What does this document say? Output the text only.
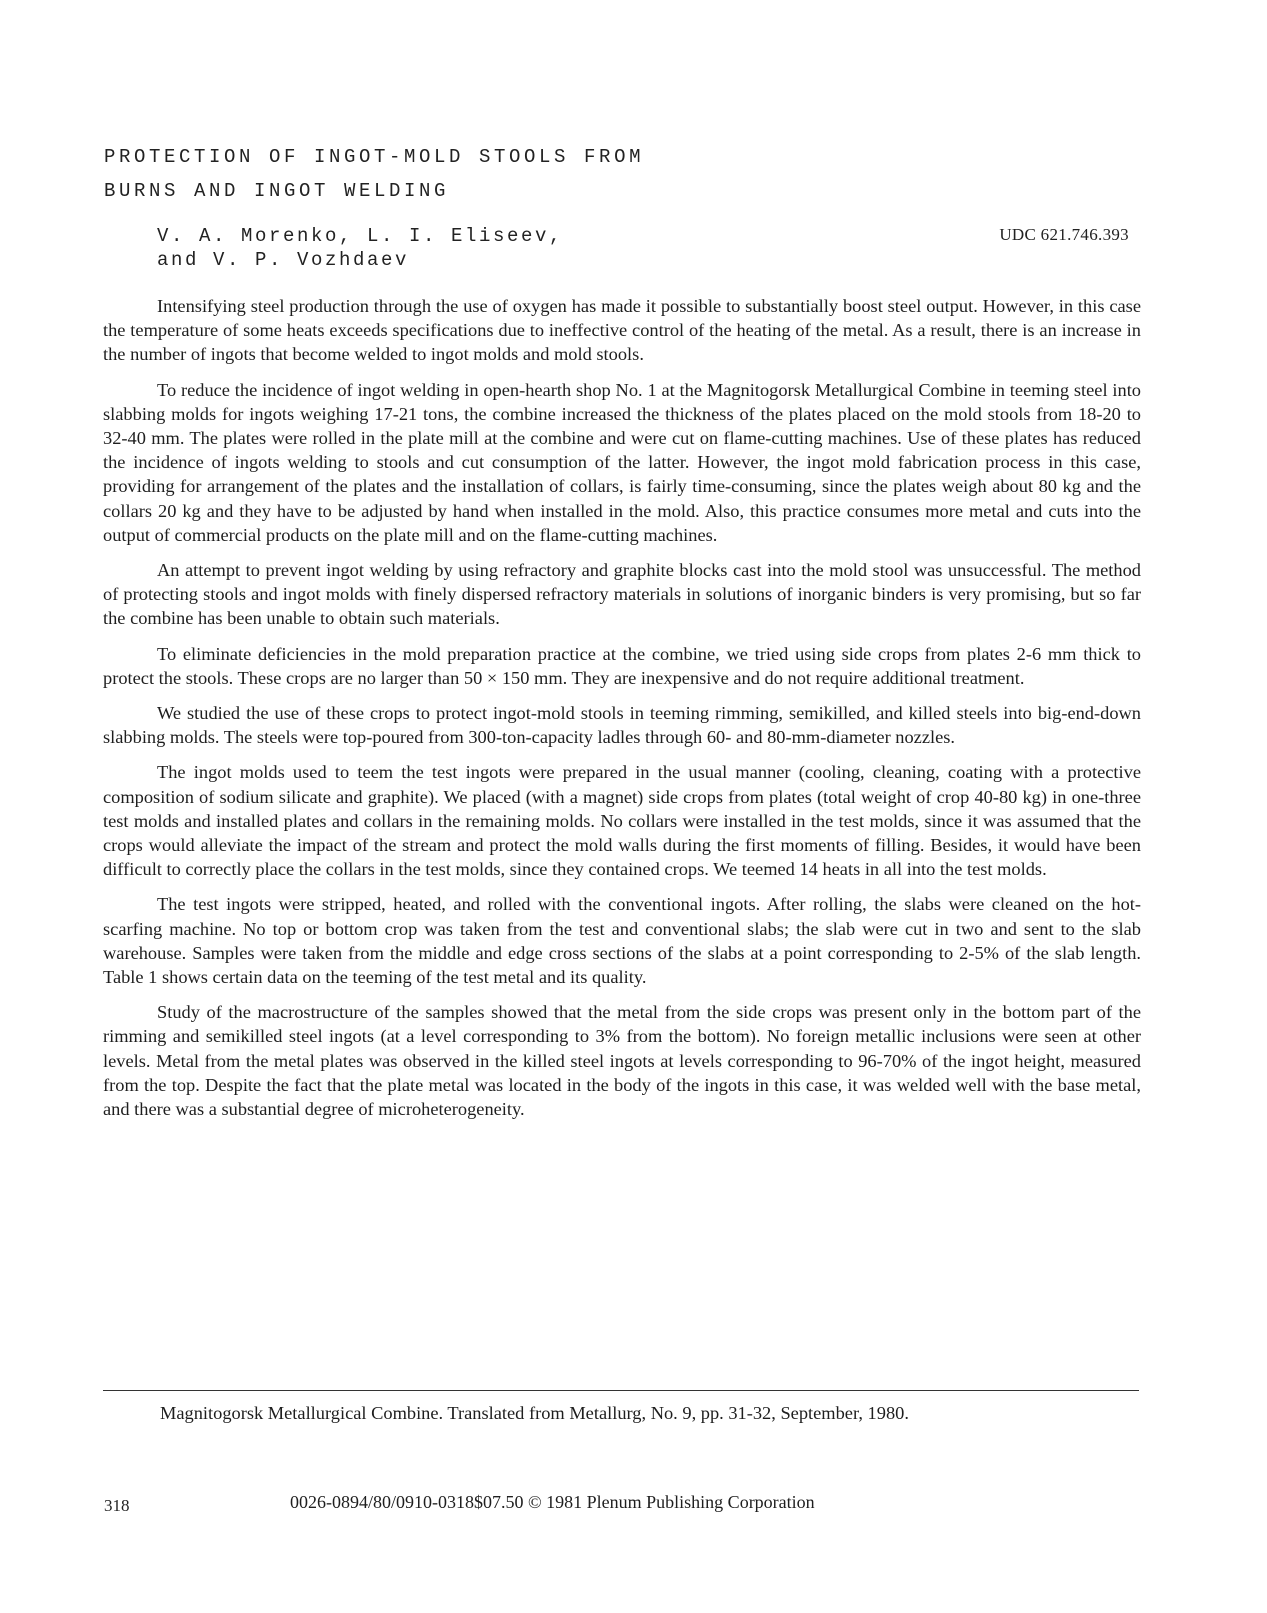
PROTECTION OF INGOT-MOLD STOOLS FROM
BURNS AND INGOT WELDING
V. A. Morenko, L. I. Eliseev,
and V. P. Vozhdaev
UDC 621.746.393

Intensifying steel production through the use of oxygen has made it possible to substantially boost steel output. However, in this case the temperature of some heats exceeds specifications due to ineffective control of the heating of the metal. As a result, there is an increase in the number of ingots that become welded to ingot molds and mold stools.

To reduce the incidence of ingot welding in open-hearth shop No. 1 at the Magnitogorsk Metallurgical Combine in teeming steel into slabbing molds for ingots weighing 17-21 tons, the combine increased the thickness of the plates placed on the mold stools from 18-20 to 32-40 mm. The plates were rolled in the plate mill at the combine and were cut on flame-cutting machines. Use of these plates has reduced the incidence of ingots welding to stools and cut consumption of the latter. However, the ingot mold fabrication process in this case, providing for arrangement of the plates and the installation of collars, is fairly time-consuming, since the plates weigh about 80 kg and the collars 20 kg and they have to be adjusted by hand when installed in the mold. Also, this practice consumes more metal and cuts into the output of commercial products on the plate mill and on the flame-cutting machines.

An attempt to prevent ingot welding by using refractory and graphite blocks cast into the mold stool was unsuccessful. The method of protecting stools and ingot molds with finely dispersed refractory materials in solutions of inorganic binders is very promising, but so far the combine has been unable to obtain such materials.

To eliminate deficiencies in the mold preparation practice at the combine, we tried using side crops from plates 2-6 mm thick to protect the stools. These crops are no larger than 50 × 150 mm. They are inexpensive and do not require additional treatment.

We studied the use of these crops to protect ingot-mold stools in teeming rimming, semikilled, and killed steels into big-end-down slabbing molds. The steels were top-poured from 300-ton-capacity ladles through 60- and 80-mm-diameter nozzles.

The ingot molds used to teem the test ingots were prepared in the usual manner (cooling, cleaning, coating with a protective composition of sodium silicate and graphite). We placed (with a magnet) side crops from plates (total weight of crop 40-80 kg) in one-three test molds and installed plates and collars in the remaining molds. No collars were installed in the test molds, since it was assumed that the crops would alleviate the impact of the stream and protect the mold walls during the first moments of filling. Besides, it would have been difficult to correctly place the collars in the test molds, since they contained crops. We teemed 14 heats in all into the test molds.

The test ingots were stripped, heated, and rolled with the conventional ingots. After rolling, the slabs were cleaned on the hot-scarfing machine. No top or bottom crop was taken from the test and conventional slabs; the slab were cut in two and sent to the slab warehouse. Samples were taken from the middle and edge cross sections of the slabs at a point corresponding to 2-5% of the slab length. Table 1 shows certain data on the teeming of the test metal and its quality.

Study of the macrostructure of the samples showed that the metal from the side crops was present only in the bottom part of the rimming and semikilled steel ingots (at a level corresponding to 3% from the bottom). No foreign metallic inclusions were seen at other levels. Metal from the metal plates was observed in the killed steel ingots at levels corresponding to 96-70% of the ingot height, measured from the top. Despite the fact that the plate metal was located in the body of the ingots in this case, it was welded well with the base metal, and there was a substantial degree of microheterogeneity.

Magnitogorsk Metallurgical Combine. Translated from Metallurg, No. 9, pp. 31-32, September, 1980.
318	0026-0894/80/0910-0318$07.50 © 1981 Plenum Publishing Corporation
